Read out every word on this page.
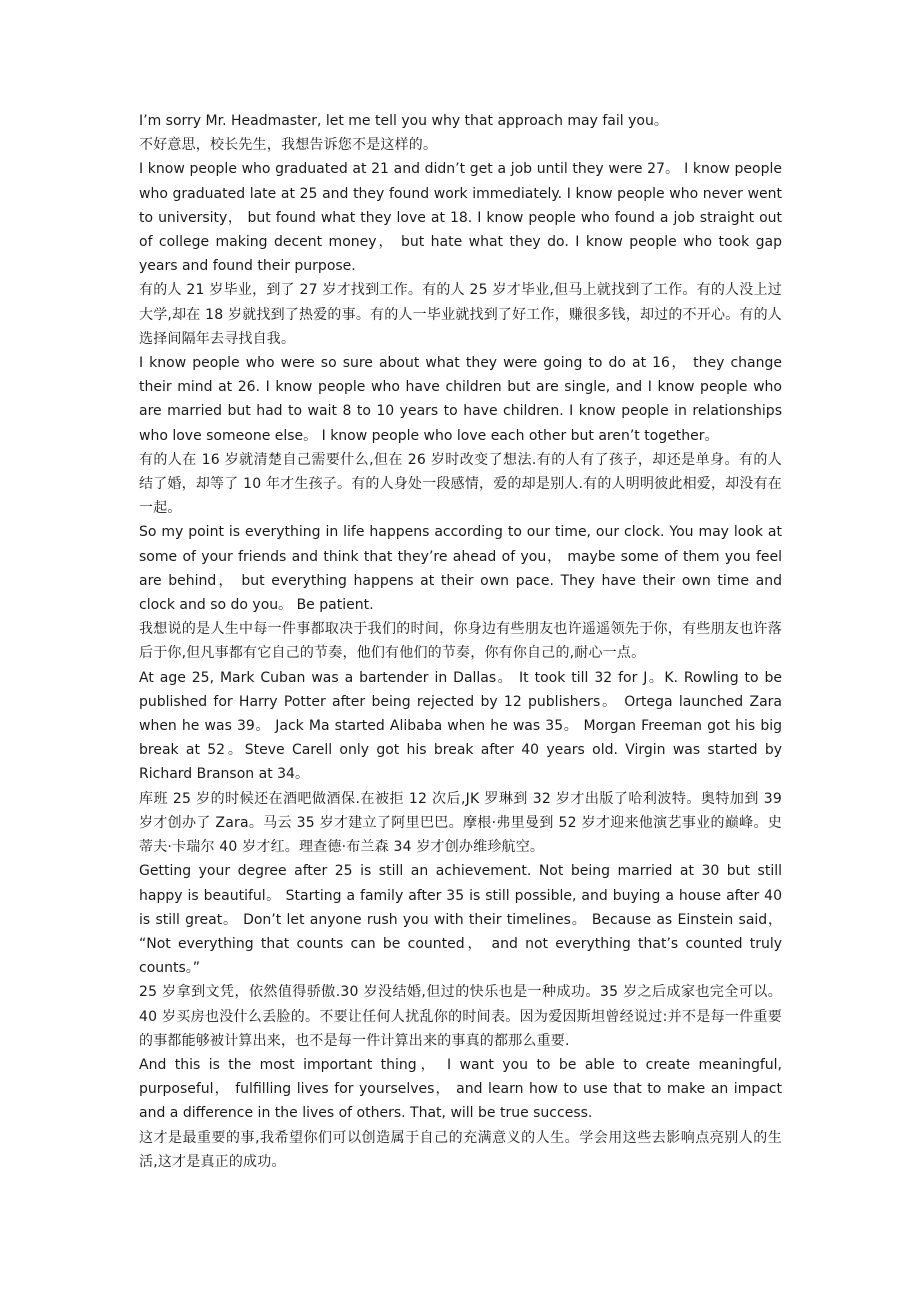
I’m sorry Mr. Headmaster, let me tell you why that approach may fail you。

不好意思，校长先生，我想告诉您不是这样的。

I know people who graduated at 21 and didn’t get a job until they were 27。 I know people who graduated late at 25 and they found work immediately. I know people who never went to university， but found what they love at 18. I know people who found a job straight out of college making decent money， but hate what they do. I know people who took gap years and found their purpose.

有的人 21 岁毕业，到了 27 岁才找到工作。有的人 25 岁才毕业,但马上就找到了工作。有的人没上过大学,却在 18 岁就找到了热爱的事。有的人一毕业就找到了好工作，赚很多钱，却过的不开心。有的人选择间隔年去寻找自我。

I know people who were so sure about what they were going to do at 16， they change their mind at 26. I know people who have children but are single, and I know people who are married but had to wait 8 to 10 years to have children. I know people in relationships who love someone else。 I know people who love each other but aren’t together。

有的人在 16 岁就清楚自己需要什么,但在 26 岁时改变了想法.有的人有了孩子，却还是单身。有的人结了婚，却等了 10 年才生孩子。有的人身处一段感情，爱的却是别人.有的人明明彼此相爱，却没有在一起。

So my point is everything in life happens according to our time, our clock. You may look at some of your friends and think that they’re ahead of you， maybe some of them you feel are behind， but everything happens at their own pace. They have their own time and clock and so do you。 Be patient.

我想说的是人生中每一件事都取决于我们的时间，你身边有些朋友也许遥遥领先于你，有些朋友也许落后于你,但凡事都有它自己的节奏，他们有他们的节奏，你有你自己的,耐心一点。

At age 25, Mark Cuban was a bartender in Dallas。 It took till 32 for J。K. Rowling to be published for Harry Potter after being rejected by 12 publishers。 Ortega launched Zara when he was 39。 Jack Ma started Alibaba when he was 35。 Morgan Freeman got his big break at 52。Steve Carell only got his break after 40 years old. Virgin was started by Richard Branson at 34。

库班 25 岁的时候还在酒吧做酒保.在被拒 12 次后,JK 罗琳到 32 岁才出版了哈利波特。奥特加到 39 岁才创办了 Zara。马云 35 岁才建立了阿里巴巴。摩根·弗里曼到 52 岁才迎来他演艺事业的巅峰。史蒂夫·卡瑞尔 40 岁才红。理查德·布兰森 34 岁才创办维珍航空。

Getting your degree after 25 is still an achievement. Not being married at 30 but still happy is beautiful。 Starting a family after 35 is still possible, and buying a house after 40 is still great。 Don’t let anyone rush you with their timelines。 Because as Einstein said， “Not everything that counts can be counted， and not everything that’s counted truly counts。”

25 岁拿到文凭，依然值得骄傲.30 岁没结婚,但过的快乐也是一种成功。35 岁之后成家也完全可以。40 岁买房也没什么丢脸的。不要让任何人扰乱你的时间表。因为爱因斯坦曾经说过:并不是每一件重要的事都能够被计算出来，也不是每一件计算出来的事真的都那么重要.

And this is the most important thing， I want you to be able to create meaningful, purposeful， fulfilling lives for yourselves， and learn how to use that to make an impact and a difference in the lives of others. That, will be true success.

这才是最重要的事,我希望你们可以创造属于自己的充满意义的人生。学会用这些去影响点亮别人的生活,这才是真正的成功。
